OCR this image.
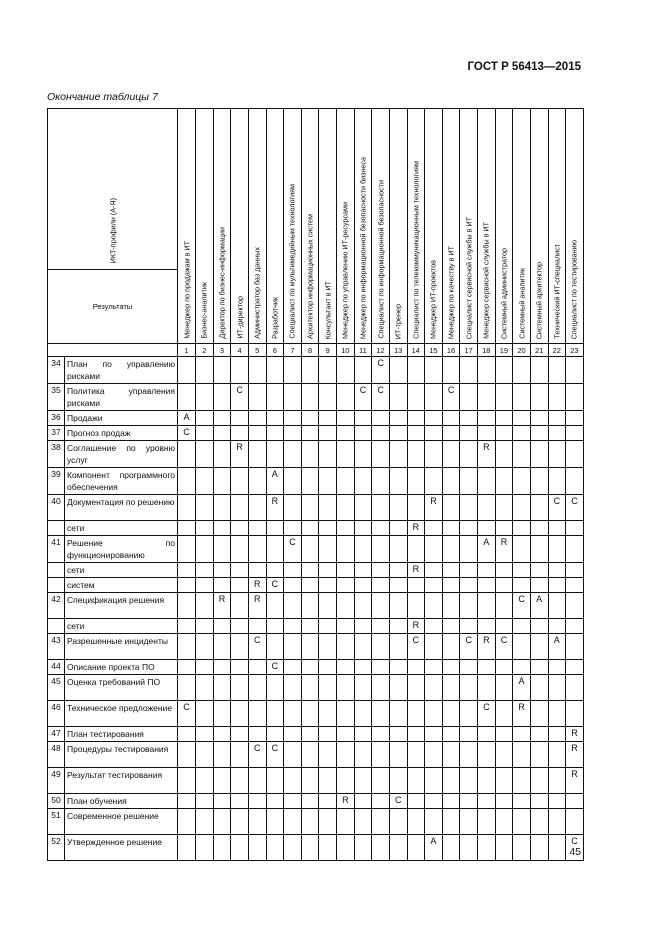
ГОСТ Р 56413—2015
Окончание таблицы 7
ИКТ-профили (А-Я)		Менеджер по продажам в ИТ	Бизнес-аналитик	Директор по бизнес-информации	ИТ-директор	Администратор баз данных	Разработчик	Специалист по мультимедийным технологиям	Архитектор информационных систем	Консультант в ИТ	Менеджер по управлению ИТ-ресурсами	Менеджер по информационной безопасности бизнеса	Специалист по информационной безопасности	ИТ-тренер	Специалист по телекоммуникационным технологиям	Менеджер ИТ-проектов	Менеджер по качеству в ИТ	Специалист сервисной службы в ИТ	Менеджер сервисной службы в ИТ	Системный администратор	Системный аналитик	Системный архитектор	Технический ИТ-специалист	Специалист по тестированию

Результаты																								
		1	2	3	4	5	6	7	8	9	10	11	12	13	14	15	16	17	18	19	20	21	22	23
34	План по управлению рисками												С											
35	Политика управления рисками				С							С	С				С							
36	Продажи	А																						
37	Прогноз продаж	С																						
38	Соглашение по уровню услуг				R														R					
39	Компонент программного обеспечения						А																	
40	Документация по решению						R									R							С	С
	сети														R									
41	Решение по функционированию							С											А	R				
	сети														R									
	систем					R	С																	
42	Спецификация решения			R		R															С	А		
	сети														R									
43	Разрешенные инциденты					С									С			С	R	С			А	
44	Описание проекта ПО						С																	
45	Оценка требований ПО																				А			
46	Техническое предложение	С																	С		R			
47	План тестирования																							R
48	Процедуры тестирования					С	С																	R
49	Результат тестирования																							R
50	План обучения										R			С										
51	Современное решение																							
52	Утвержденное решение															А								С
45
